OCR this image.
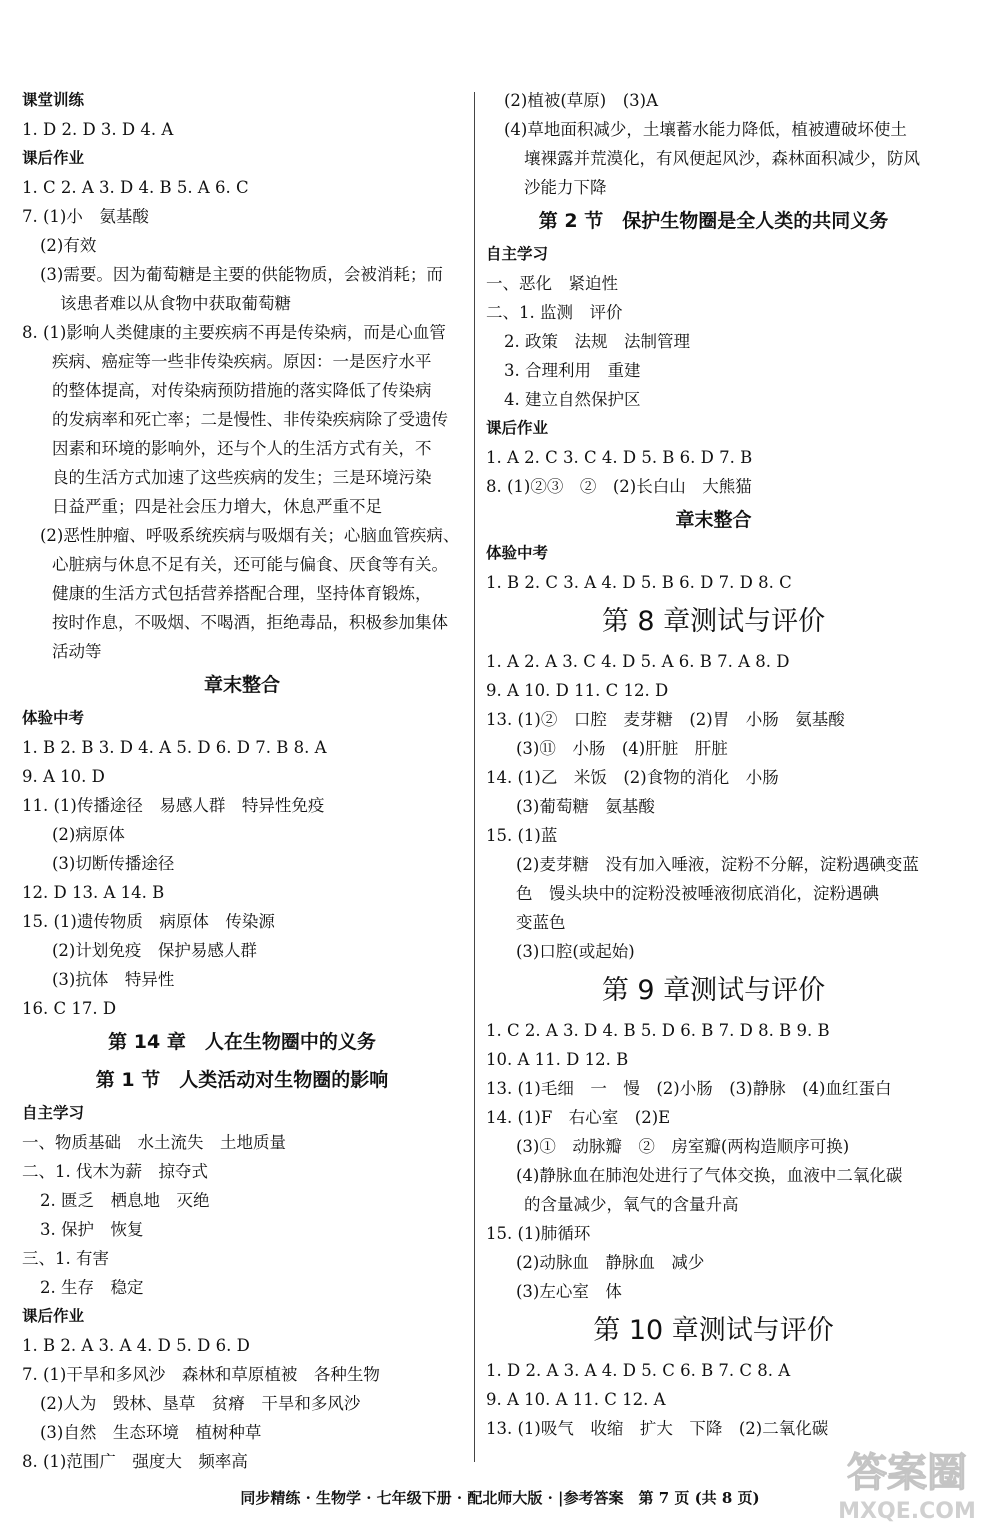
课堂训练
1. D 2. D 3. D 4. A
课后作业
1. C 2. A 3. D 4. B 5. A 6. C
7. (1)小　氨基酸
(2)有效
(3)需要。因为葡萄糖是主要的供能物质，会被消耗；而
该患者难以从食物中获取葡萄糖
8. (1)影响人类健康的主要疾病不再是传染病，而是心血管
疾病、癌症等一些非传染疾病。原因：一是医疗水平
的整体提高，对传染病预防措施的落实降低了传染病
的发病率和死亡率；二是慢性、非传染疾病除了受遗传
因素和环境的影响外，还与个人的生活方式有关，不
良的生活方式加速了这些疾病的发生；三是环境污染
日益严重；四是社会压力增大，休息严重不足
(2)恶性肿瘤、呼吸系统疾病与吸烟有关；心脑血管疾病、
心脏病与休息不足有关，还可能与偏食、厌食等有关。
健康的生活方式包括营养搭配合理，坚持体育锻炼，
按时作息，不吸烟、不喝酒，拒绝毒品，积极参加集体
活动等
章末整合
体验中考
1. B 2. B 3. D 4. A 5. D 6. D 7. B 8. A
9. A 10. D
11. (1)传播途径　易感人群　特异性免疫
(2)病原体
(3)切断传播途径
12. D 13. A 14. B
15. (1)遗传物质　病原体　传染源
(2)计划免疫　保护易感人群
(3)抗体　特异性
16. C 17. D
第 14 章　人在生物圈中的义务
第 1 节　人类活动对生物圈的影响
自主学习
一、物质基础　水土流失　土地质量
二、1. 伐木为薪　掠夺式
2. 匮乏　栖息地　灭绝
3. 保护　恢复
三、1. 有害
2. 生存　稳定
课后作业
1. B 2. A 3. A 4. D 5. D 6. D
7. (1)干旱和多风沙　森林和草原植被　各种生物
(2)人为　毁林、垦草　贫瘠　干旱和多风沙
(3)自然　生态环境　植树种草
8. (1)范围广　强度大　频率高
(2)植被(草原)　(3)A
(4)草地面积减少，土壤蓄水能力降低，植被遭破坏使土
壤裸露并荒漠化，有风便起风沙，森林面积减少，防风
沙能力下降
第 2 节　保护生物圈是全人类的共同义务
自主学习
一、恶化　紧迫性
二、1. 监测　评价
2. 政策　法规　法制管理
3. 合理利用　重建
4. 建立自然保护区
课后作业
1. A 2. C 3. C 4. D 5. B 6. D 7. B
8. (1)②③　②　(2)长白山　大熊猫
章末整合
体验中考
1. B 2. C 3. A 4. D 5. B 6. D 7. D 8. C
第 8 章测试与评价
1. A 2. A 3. C 4. D 5. A 6. B 7. A 8. D
9. A 10. D 11. C 12. D
13. (1)②　口腔　麦芽糖　(2)胃　小肠　氨基酸
(3)⑪　小肠　(4)肝脏　肝脏
14. (1)乙　米饭　(2)食物的消化　小肠
(3)葡萄糖　氨基酸
15. (1)蓝
(2)麦芽糖　没有加入唾液，淀粉不分解，淀粉遇碘变蓝
色　馒头块中的淀粉没被唾液彻底消化，淀粉遇碘
变蓝色
(3)口腔(或起始)
第 9 章测试与评价
1. C 2. A 3. D 4. B 5. D 6. B 7. D 8. B 9. B
10. A 11. D 12. B
13. (1)毛细　一　慢　(2)小肠　(3)静脉　(4)血红蛋白
14. (1)F　右心室　(2)E
(3)①　动脉瓣　②　房室瓣(两构造顺序可换)
(4)静脉血在肺泡处进行了气体交换，血液中二氧化碳
的含量减少，氧气的含量升高
15. (1)肺循环
(2)动脉血　静脉血　减少
(3)左心室　体
第 10 章测试与评价
1. D 2. A 3. A 4. D 5. C 6. B 7. C 8. A
9. A 10. A 11. C 12. A
13. (1)吸气　收缩　扩大　下降　(2)二氧化碳
同步精练 · 生物学 · 七年级下册 · 配北师大版 · |参考答案　第 7 页 (共 8 页)
答案圈
MXQE.COM
